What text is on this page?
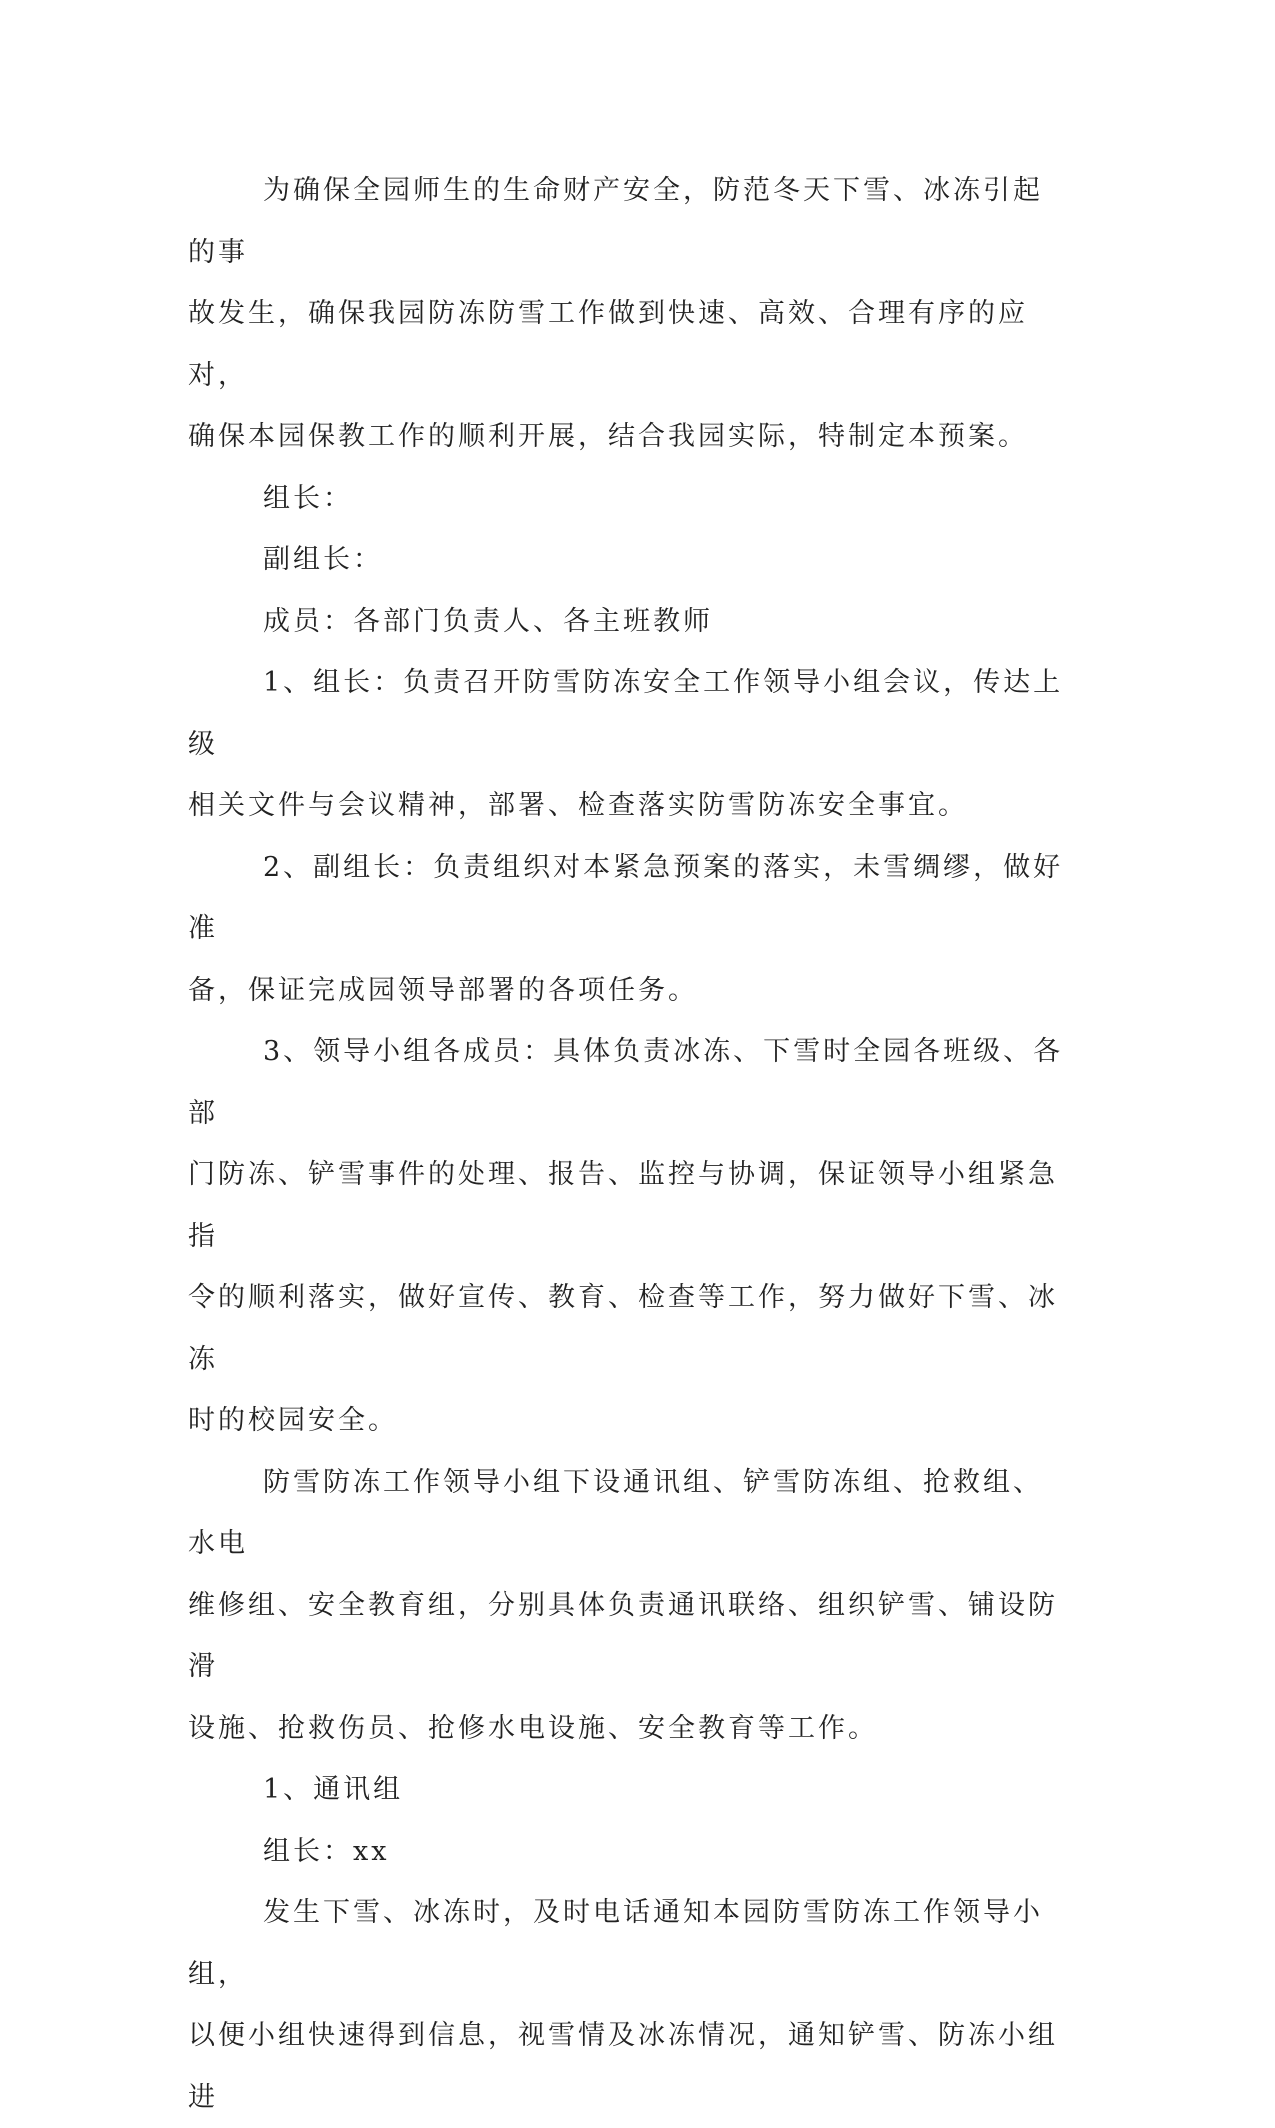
为确保全园师生的生命财产安全，防范冬天下雪、冰冻引起的事
故发生，确保我园防冻防雪工作做到快速、高效、合理有序的应对，
确保本园保教工作的顺利开展，结合我园实际，特制定本预案。

组长：

副组长：

成员：各部门负责人、各主班教师

1、组长：负责召开防雪防冻安全工作领导小组会议，传达上级
相关文件与会议精神，部署、检查落实防雪防冻安全事宜。

2、副组长：负责组织对本紧急预案的落实，未雪绸缪，做好准
备，保证完成园领导部署的各项任务。

3、领导小组各成员：具体负责冰冻、下雪时全园各班级、各部
门防冻、铲雪事件的处理、报告、监控与协调，保证领导小组紧急指
令的顺利落实，做好宣传、教育、检查等工作，努力做好下雪、冰冻
时的校园安全。

防雪防冻工作领导小组下设通讯组、铲雪防冻组、抢救组、水电
维修组、安全教育组，分别具体负责通讯联络、组织铲雪、铺设防滑
设施、抢救伤员、抢修水电设施、安全教育等工作。

1、通讯组

组长：xx

发生下雪、冰冻时，及时电话通知本园防雪防冻工作领导小组，
以便小组快速得到信息，视雪情及冰冻情况，通知铲雪、防冻小组进
